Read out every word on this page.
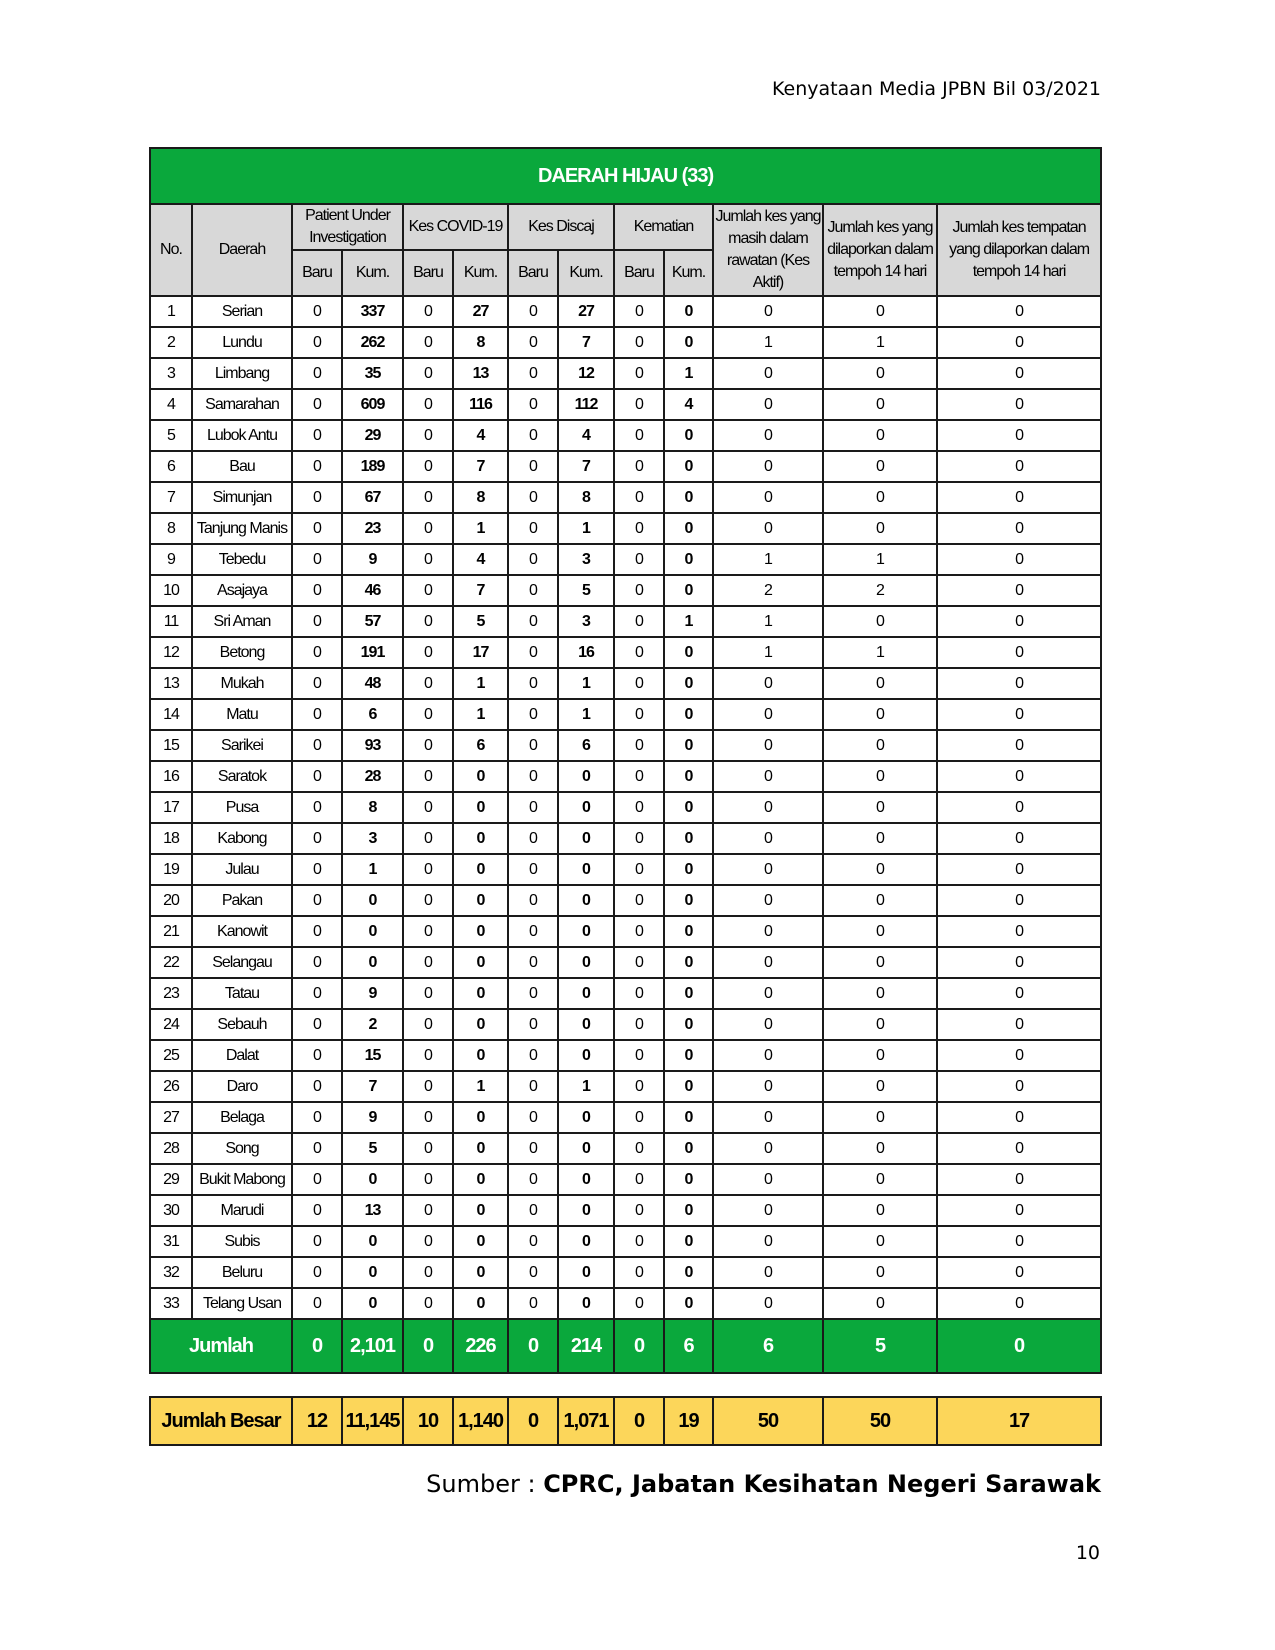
Kenyataan Media JPBN Bil 03/2021
DAERAH HIJAU (33)												
No.	Daerah	Patient Under Investigation		Kes COVID-19		Kes Discaj		Kematian		Jumlah kes yang masih dalam rawatan (Kes Aktif)	Jumlah kes yang dilaporkan dalam tempoh 14 hari	Jumlah kes tempatan yang dilaporkan dalam tempoh 14 hari
		Baru	Kum.	Baru	Kum.	Baru	Kum.	Baru	Kum.			
1	Serian	0	337	0	27	0	27	0	0	0	0	0
2	Lundu	0	262	0	8	0	7	0	0	1	1	0
3	Limbang	0	35	0	13	0	12	0	1	0	0	0
4	Samarahan	0	609	0	116	0	112	0	4	0	0	0
5	Lubok Antu	0	29	0	4	0	4	0	0	0	0	0
6	Bau	0	189	0	7	0	7	0	0	0	0	0
7	Simunjan	0	67	0	8	0	8	0	0	0	0	0
8	Tanjung Manis	0	23	0	1	0	1	0	0	0	0	0
9	Tebedu	0	9	0	4	0	3	0	0	1	1	0
10	Asajaya	0	46	0	7	0	5	0	0	2	2	0
11	Sri Aman	0	57	0	5	0	3	0	1	1	0	0
12	Betong	0	191	0	17	0	16	0	0	1	1	0
13	Mukah	0	48	0	1	0	1	0	0	0	0	0
14	Matu	0	6	0	1	0	1	0	0	0	0	0
15	Sarikei	0	93	0	6	0	6	0	0	0	0	0
16	Saratok	0	28	0	0	0	0	0	0	0	0	0
17	Pusa	0	8	0	0	0	0	0	0	0	0	0
18	Kabong	0	3	0	0	0	0	0	0	0	0	0
19	Julau	0	1	0	0	0	0	0	0	0	0	0
20	Pakan	0	0	0	0	0	0	0	0	0	0	0
21	Kanowit	0	0	0	0	0	0	0	0	0	0	0
22	Selangau	0	0	0	0	0	0	0	0	0	0	0
23	Tatau	0	9	0	0	0	0	0	0	0	0	0
24	Sebauh	0	2	0	0	0	0	0	0	0	0	0
25	Dalat	0	15	0	0	0	0	0	0	0	0	0
26	Daro	0	7	0	1	0	1	0	0	0	0	0
27	Belaga	0	9	0	0	0	0	0	0	0	0	0
28	Song	0	5	0	0	0	0	0	0	0	0	0
29	Bukit Mabong	0	0	0	0	0	0	0	0	0	0	0
30	Marudi	0	13	0	0	0	0	0	0	0	0	0
31	Subis	0	0	0	0	0	0	0	0	0	0	0
32	Beluru	0	0	0	0	0	0	0	0	0	0	0
33	Telang Usan	0	0	0	0	0	0	0	0	0	0	0
Jumlah		0	2,101	0	226	0	214	0	6	6	5	0

Jumlah Besar		12	11,145	10	1,140	0	1,071	0	19	50	50	17
Sumber : CPRC, Jabatan Kesihatan Negeri Sarawak
10
